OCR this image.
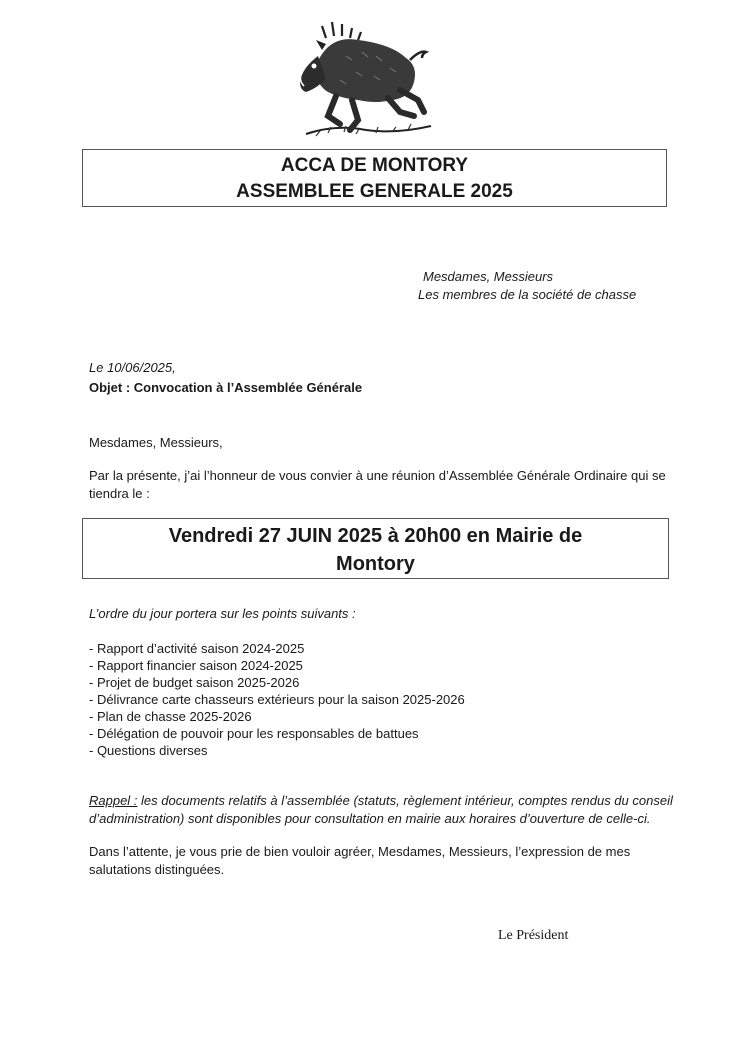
ACCA DE MONTORY
ASSEMBLEE GENERALE 2025
Mesdames, Messieurs
Les membres de la société de chasse
Le 10/06/2025,
Objet : Convocation à l’Assemblée Générale
Mesdames, Messieurs,
Par la présente, j’ai l’honneur de vous convier à une réunion d’Assemblée Générale Ordinaire qui se tiendra le :
Vendredi 27 JUIN 2025 à 20h00 en Mairie de
Montory
L’ordre du jour portera sur les points suivants :
- Rapport d’activité saison 2024-2025
- Rapport financier saison 2024-2025
- Projet de budget saison 2025-2026
- Délivrance carte chasseurs extérieurs pour la saison 2025-2026
- Plan de chasse 2025-2026
- Délégation de pouvoir pour les responsables de battues
- Questions diverses
Rappel : les documents relatifs à l’assemblée (statuts, règlement intérieur, comptes rendus du conseil d’administration) sont disponibles pour consultation en mairie aux horaires d’ouverture de celle-ci.
Dans l’attente, je vous prie de bien vouloir agréer, Mesdames, Messieurs, l’expression de mes salutations distinguées.
Le Président
